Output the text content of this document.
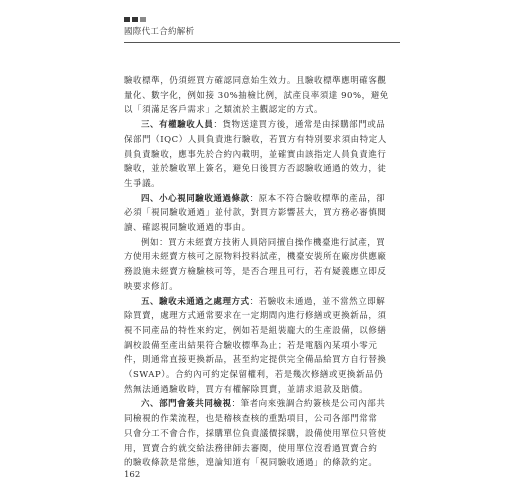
國際代工合約解析

驗收標準，仍須經買方確認同意始生效力。且驗收標準應明確客觀
量化、數字化，例如接 30%抽檢比例，試產良率須達 90%，避免
以「須滿足客戶需求」之類流於主觀認定的方式。

三、有權驗收人員：貨物送達買方後，通常是由採購部門或品
保部門（IQC）人員負責進行驗收，若買方有特別要求須由特定人
員負責驗收，應事先於合約內載明，並確實由該指定人員負責進行
驗收，並於驗收單上簽名，避免日後買方否認驗收通過的效力，徒
生爭議。

四、小心視同驗收通過條款：原本不符合驗收標準的產品，卻
必須「視同驗收通過」並付款，對買方影響甚大，買方務必審慎閱
讀、確認視同驗收通過的事由。

例如：買方未經賣方技術人員陪同擅自操作機臺進行試產，買
方使用未經賣方核可之原物料投料試產，機臺安裝所在廠房供應廠
務設施未經賣方檢驗核可等，是否合理且可行，若有疑義應立即反
映要求修訂。

五、驗收未通過之處理方式：若驗收未通過，並不當然立即解
除買賣，處理方式通常要求在一定期間內進行修繕或更換新品，須
視不同產品的特性來約定，例如若是組裝龐大的生產設備，以修繕
調校設備至產出結果符合驗收標準為止；若是電腦內某項小零元
件，則通常直接更換新品，甚至約定提供完全備品給買方自行替換
（SWAP）。合約內可約定保留權利，若是幾次修繕或更換新品仍
然無法通過驗收時，買方有權解除買賣，並請求退款及賠償。

六、部門會簽共同檢視：筆者向來強調合約簽核是公司內部共
同檢視的作業流程，也是稽核查核的重點項目，公司各部門常常
只會分工不會合作，採購單位負責議價採購，設備使用單位只管使
用，買賣合約就交給法務律師去審閱，使用單位沒看過買賣合約
的驗收條款是常態，遑論知道有「視同驗收通過」的條款約定。

162
